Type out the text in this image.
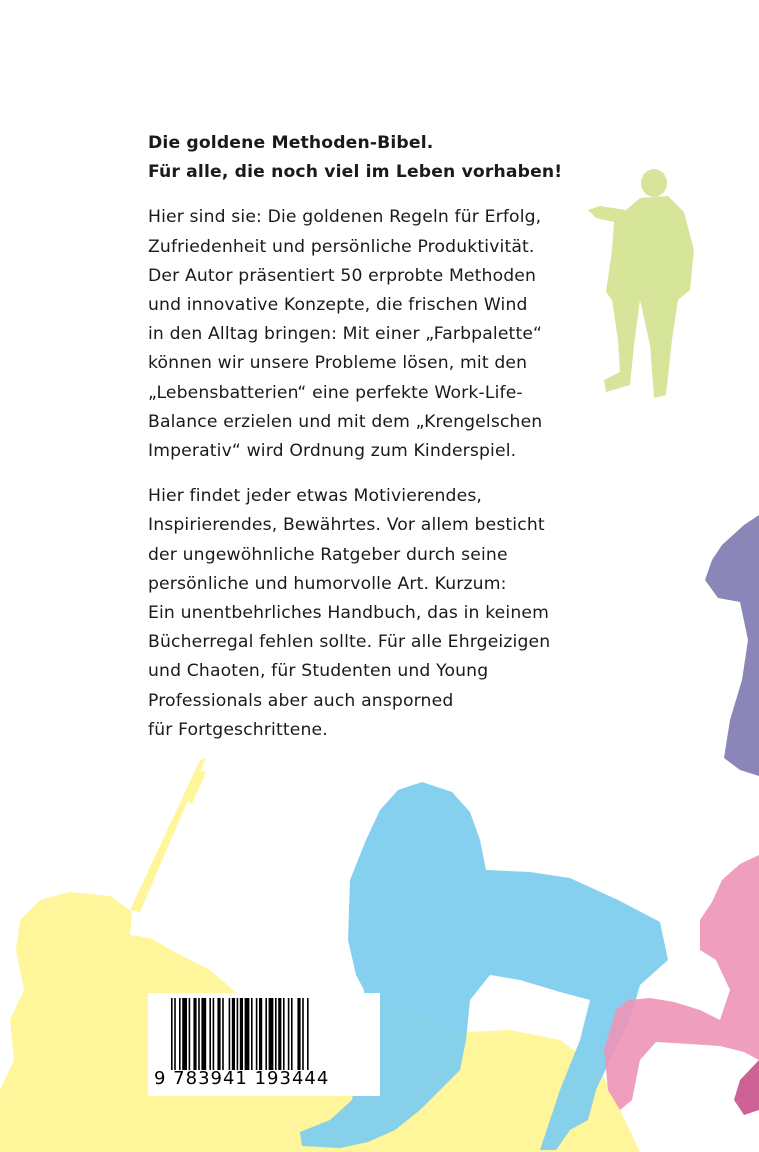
Die goldene Methoden-Bibel.
Für alle, die noch viel im Leben vorhaben!

Hier sind sie: Die goldenen Regeln für Erfolg,
Zufriedenheit und persönliche Produktivität.
Der Autor präsentiert 50 erprobte Methoden
und innovative Konzepte, die frischen Wind
in den Alltag bringen: Mit einer „Farbpalette“
können wir unsere Probleme lösen, mit den
„Lebensbatterien“ eine perfekte Work-Life-
Balance erzielen und mit dem „Krengelschen
Imperativ“ wird Ordnung zum Kinderspiel.

Hier findet jeder etwas Motivierendes,
Inspirierendes, Bewährtes. Vor allem besticht
der ungewöhnliche Ratgeber durch seine
persönliche und humorvolle Art. Kurzum:
Ein unentbehrliches Handbuch, das in keinem
Bücherregal fehlen sollte. Für alle Ehrgeizigen
und Chaoten, für Studenten und Young
Professionals aber auch ansporned
für Fortgeschrittene.

9 783941 193444
